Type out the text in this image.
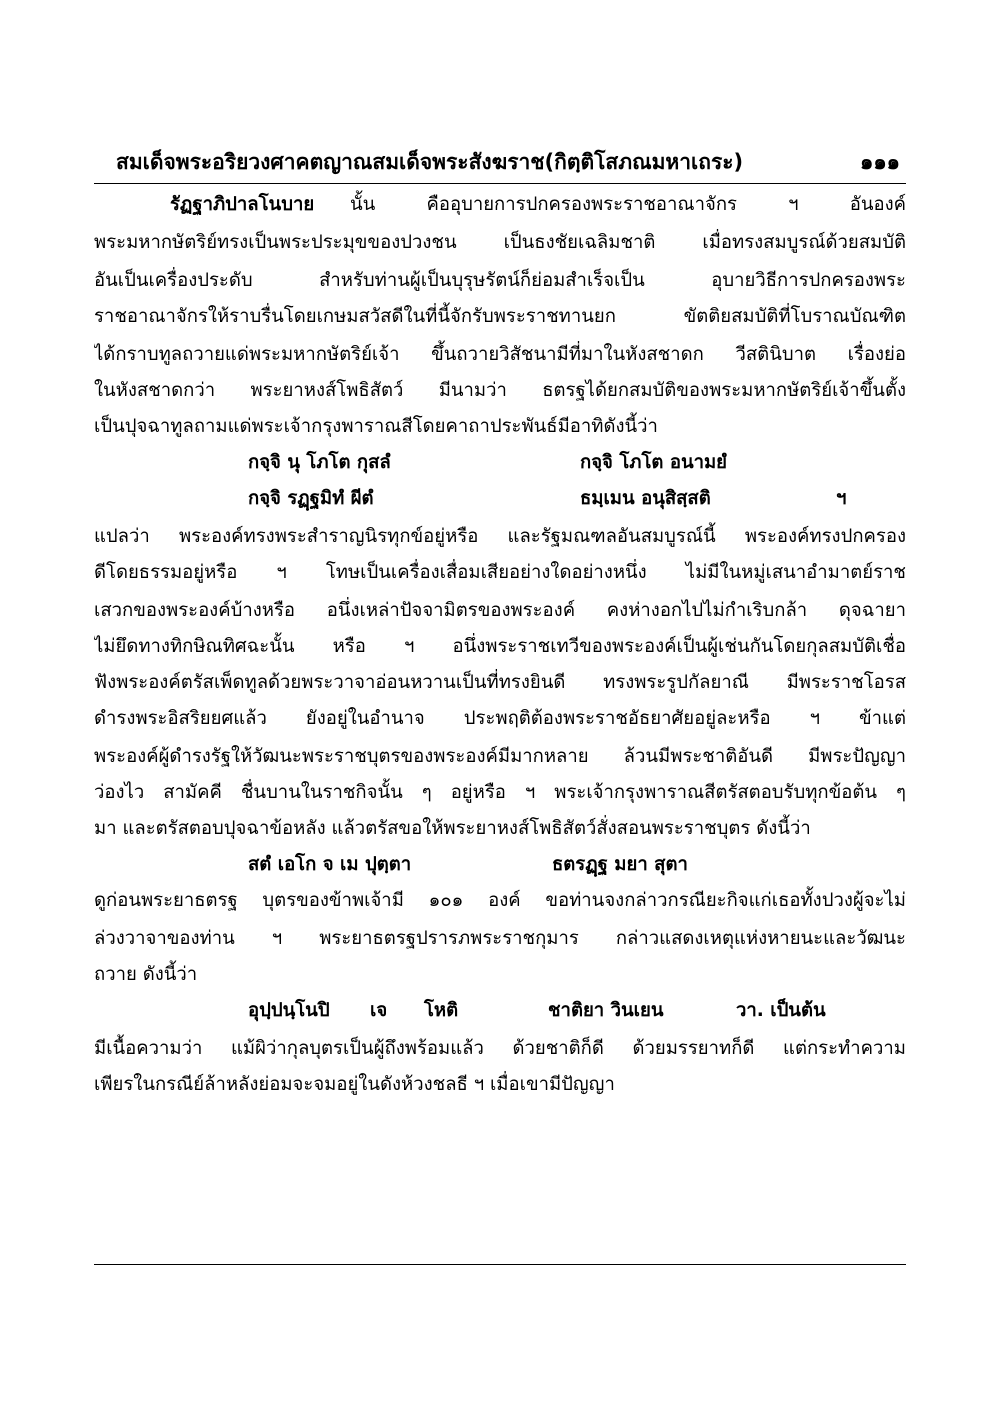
สมเด็จพระอริยวงศาคตญาณสมเด็จพระสังฆราช(กิตฺติโสภณมหาเถระ)	๑๑๑
รัฏฐาภิปาลโนบาย นั้น คืออุบายการปกครองพระราชอาณาจักร ฯ อันองค์
พระมหากษัตริย์ทรงเป็นพระประมุขของปวงชน เป็นธงชัยเฉลิมชาติ เมื่อทรงสมบูรณ์ด้วยสมบัติ
อันเป็นเครื่องประดับ สำหรับท่านผู้เป็นบุรุษรัตน์ก็ย่อมสำเร็จเป็น อุบายวิธีการปกครองพระ
ราชอาณาจักรให้ราบรื่นโดยเกษมสวัสดีในที่นี้จักรับพระราชทานยก ขัตติยสมบัติที่โบราณบัณฑิต
ได้กราบทูลถวายแด่พระมหากษัตริย์เจ้า ขึ้นถวายวิสัชนามีที่มาในหังสชาดก วีสตินิบาต เรื่องย่อ
ในหังสชาดกว่า พระยาหงส์โพธิสัตว์ มีนามว่า ธตรฐได้ยกสมบัติของพระมหากษัตริย์เจ้าขึ้นตั้ง
เป็นปุจฉาทูลถามแด่พระเจ้ากรุงพาราณสีโดยคาถาประพันธ์มีอาทิดังนี้ว่า
กจฺจิ นุ โภโต กุสลํ	กจฺจิ โภโต อนามยํ
กจฺจิ รฏฺฐมิทํ ผีตํ	ธมฺเมน อนุสิสฺสติ	ฯ
แปลว่า พระองค์ทรงพระสำราญนิรทุกข์อยู่หรือ และรัฐมณฑลอันสมบูรณ์นี้ พระองค์ทรงปกครอง
ดีโดยธรรมอยู่หรือ ฯ โทษเป็นเครื่องเสื่อมเสียอย่างใดอย่างหนึ่ง ไม่มีในหมู่เสนาอำมาตย์ราช
เสวกของพระองค์บ้างหรือ อนึ่งเหล่าปัจจามิตรของพระองค์ คงห่างอกไปไม่กำเริบกล้า ดุจฉายา
ไม่ยึดทางทิกษิณทิศฉะนั้น หรือ ฯ อนึ่งพระราชเทวีของพระองค์เป็นผู้เช่นกันโดยกุลสมบัติเชื่อ
ฟังพระองค์ตรัสเพ็ดทูลด้วยพระวาจาอ่อนหวานเป็นที่ทรงยินดี ทรงพระรูปกัลยาณี มีพระราชโอรส
ดำรงพระอิสริยยศแล้ว ยังอยู่ในอำนาจ ประพฤติต้องพระราชอัธยาศัยอยู่ละหรือ ฯ ข้าแต่
พระองค์ผู้ดำรงรัฐให้วัฒนะพระราชบุตรของพระองค์มีมากหลาย ล้วนมีพระชาติอันดี มีพระปัญญา
ว่องไว สามัคคี ชื่นบานในราชกิจนั้น ๆ อยู่หรือ ฯ พระเจ้ากรุงพาราณสีตรัสตอบรับทุกข้อต้น ๆ
มา และตรัสตอบปุจฉาข้อหลัง แล้วตรัสขอให้พระยาหงส์โพธิสัตว์สั่งสอนพระราชบุตร ดังนี้ว่า
สตํ เอโก จ เม ปุตฺตา	ธตรฏฺฐ มยา สุตา
ดูก่อนพระยาธตรฐ บุตรของข้าพเจ้ามี ๑๐๑ องค์ ขอท่านจงกล่าวกรณียะกิจแก่เธอทั้งปวงผู้จะไม่
ล่วงวาจาของท่าน ฯ พระยาธตรฐปรารภพระราชกุมาร กล่าวแสดงเหตุแห่งหายนะและวัฒนะ
ถวาย ดังนี้ว่า
อุปฺปนฺโนปิ เจ โหติ	ชาติยา วินเยน	วา. เป็นต้น
มีเนื้อความว่า แม้ผิว่ากุลบุตรเป็นผู้ถึงพร้อมแล้ว ด้วยชาติก็ดี ด้วยมรรยาทก็ดี แต่กระทำความ
เพียรในกรณีย์ล้าหลังย่อมจะจมอยู่ในดังห้วงชลธี ฯ เมื่อเขามีปัญญา
